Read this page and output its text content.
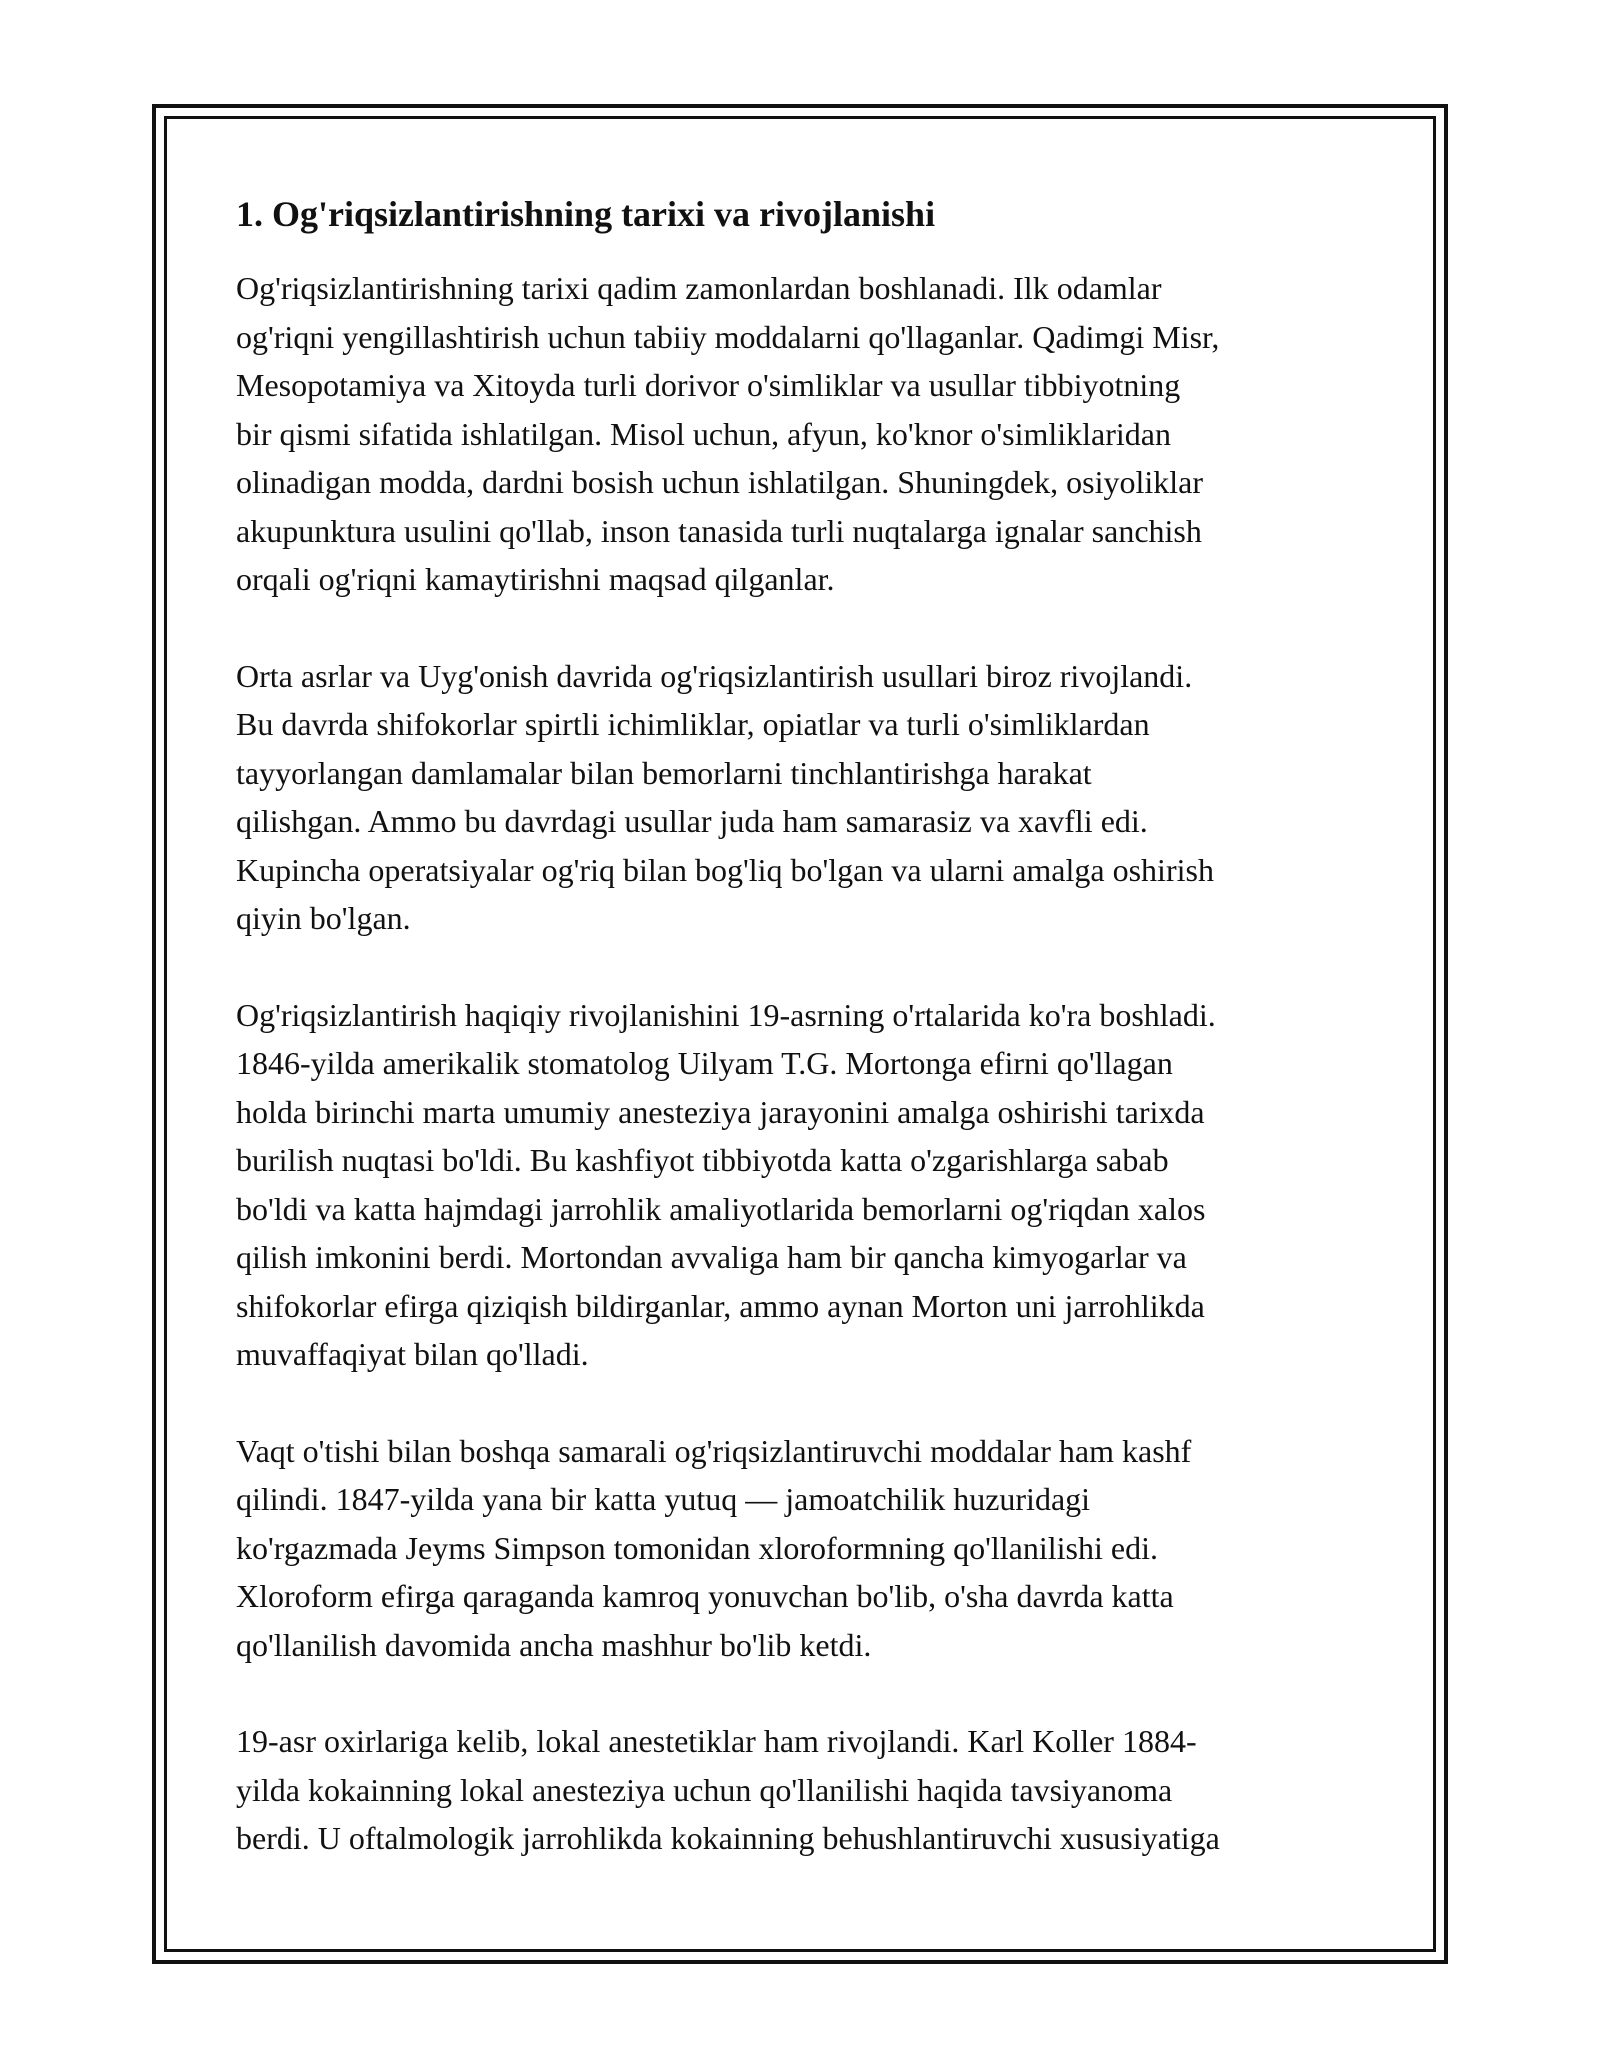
1. Og'riqsizlantirishning tarixi va rivojlanishi

Og'riqsizlantirishning tarixi qadim zamonlardan boshlanadi. Ilk odamlar
og'riqni yengillashtirish uchun tabiiy moddalarni qo'llaganlar. Qadimgi Misr,
Mesopotamiya va Xitoyda turli dorivor o'simliklar va usullar tibbiyotning
bir qismi sifatida ishlatilgan. Misol uchun, afyun, ko'knor o'simliklaridan
olinadigan modda, dardni bosish uchun ishlatilgan. Shuningdek, osiyoliklar
akupunktura usulini qo'llab, inson tanasida turli nuqtalarga ignalar sanchish
orqali og'riqni kamaytirishni maqsad qilganlar.

Orta asrlar va Uyg'onish davrida og'riqsizlantirish usullari biroz rivojlandi.
Bu davrda shifokorlar spirtli ichimliklar, opiatlar va turli o'simliklardan
tayyorlangan damlamalar bilan bemorlarni tinchlantirishga harakat
qilishgan. Ammo bu davrdagi usullar juda ham samarasiz va xavfli edi.
Kupincha operatsiyalar og'riq bilan bog'liq bo'lgan va ularni amalga oshirish
qiyin bo'lgan.

Og'riqsizlantirish haqiqiy rivojlanishini 19-asrning o'rtalarida ko'ra boshladi.
1846-yilda amerikalik stomatolog Uilyam T.G. Mortonga efirni qo'llagan
holda birinchi marta umumiy anesteziya jarayonini amalga oshirishi tarixda
burilish nuqtasi bo'ldi. Bu kashfiyot tibbiyotda katta o'zgarishlarga sabab
bo'ldi va katta hajmdagi jarrohlik amaliyotlarida bemorlarni og'riqdan xalos
qilish imkonini berdi. Mortondan avvaliga ham bir qancha kimyogarlar va
shifokorlar efirga qiziqish bildirganlar, ammo aynan Morton uni jarrohlikda
muvaffaqiyat bilan qo'lladi.

Vaqt o'tishi bilan boshqa samarali og'riqsizlantiruvchi moddalar ham kashf
qilindi. 1847-yilda yana bir katta yutuq — jamoatchilik huzuridagi
ko'rgazmada Jeyms Simpson tomonidan xloroformning qo'llanilishi edi.
Xloroform efirga qaraganda kamroq yonuvchan bo'lib, o'sha davrda katta
qo'llanilish davomida ancha mashhur bo'lib ketdi.

19-asr oxirlariga kelib, lokal anestetiklar ham rivojlandi. Karl Koller 1884-
yilda kokainning lokal anesteziya uchun qo'llanilishi haqida tavsiyanoma
berdi. U oftalmologik jarrohlikda kokainning behushlantiruvchi xususiyatiga
